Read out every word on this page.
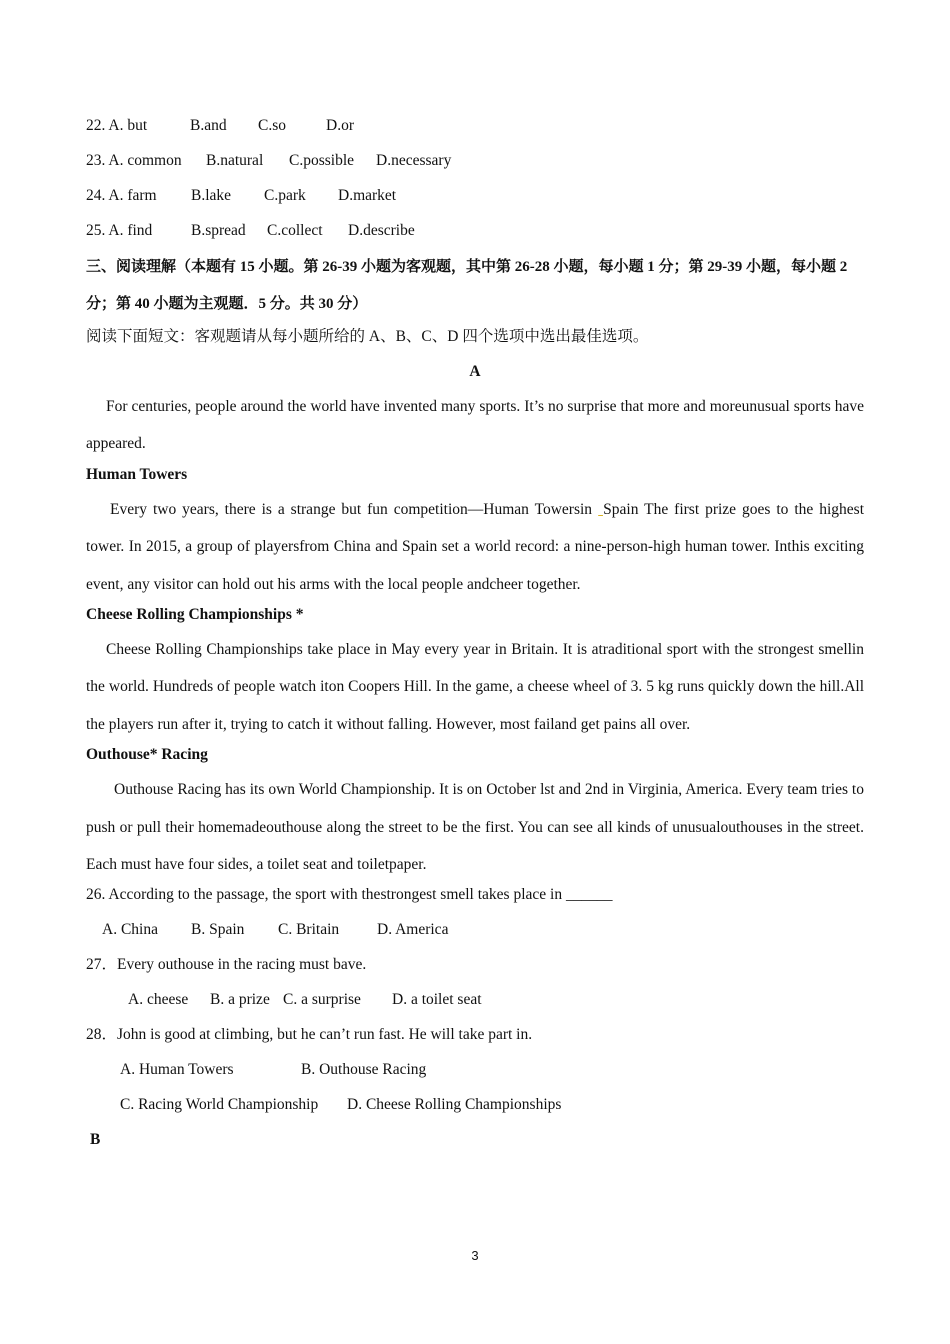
22. A. but	B.and C.so	D.or
23. A. common B.natural C.possible D.necessary
24. A. farm B.lake C.park D.market
25. A. find B.spread C.collect D.describe

三、阅读理解（本题有 15 小题。第 26-39 小题为客观题，其中第 26-28 小题，每小题 1 分；第 29-39 小题，每小题 2 分；第 40 小题为主观题．5 分。共 30 分）

阅读下面短文：客观题请从每小题所给的 A、B、C、D 四个选项中选出最佳选项。
A

For centuries, people around the world have invented many sports. It’s no surprise that more and moreunusual sports have appeared.

Human Towers

Every two years, there is a strange but fun competition—Human Towersin ˍSpain The first prize goes to the highest tower. In 2015, a group of playersfrom China and Spain set a world record: a nine-person-high human tower. Inthis exciting event, any visitor can hold out his arms with the local people andcheer together.

Cheese Rolling Championships *

Cheese Rolling Championships take place in May every year in Britain. It is atraditional sport with the strongest smellin the world. Hundreds of people watch iton Coopers Hill. In the game, a cheese wheel of 3. 5 kg runs quickly down the hill.All the players run after it, trying to catch it without falling. However, most failand get pains all over.

Outhouse* Racing

Outhouse Racing has its own World Championship. It is on October lst and 2nd in Virginia, America. Every team tries to push or pull their homemadeouthouse along the street to be the first. You can see all kinds of unusualouthouses in the street. Each must have four sides, a toilet seat and toiletpaper.

26. According to the passage, the sport with thestrongest smell takes place in ______
A. China B. Spain C. Britain D. America
27．Every outhouse in the racing must bave.
A. cheese B. a prize C. a surprise D. a toilet seat
28．John is good at climbing, but he can’t run fast. He will take part in.
A. Human Towers	B. Outhouse Racing
C. Racing World Championship D. Cheese Rolling Championships
B
3
